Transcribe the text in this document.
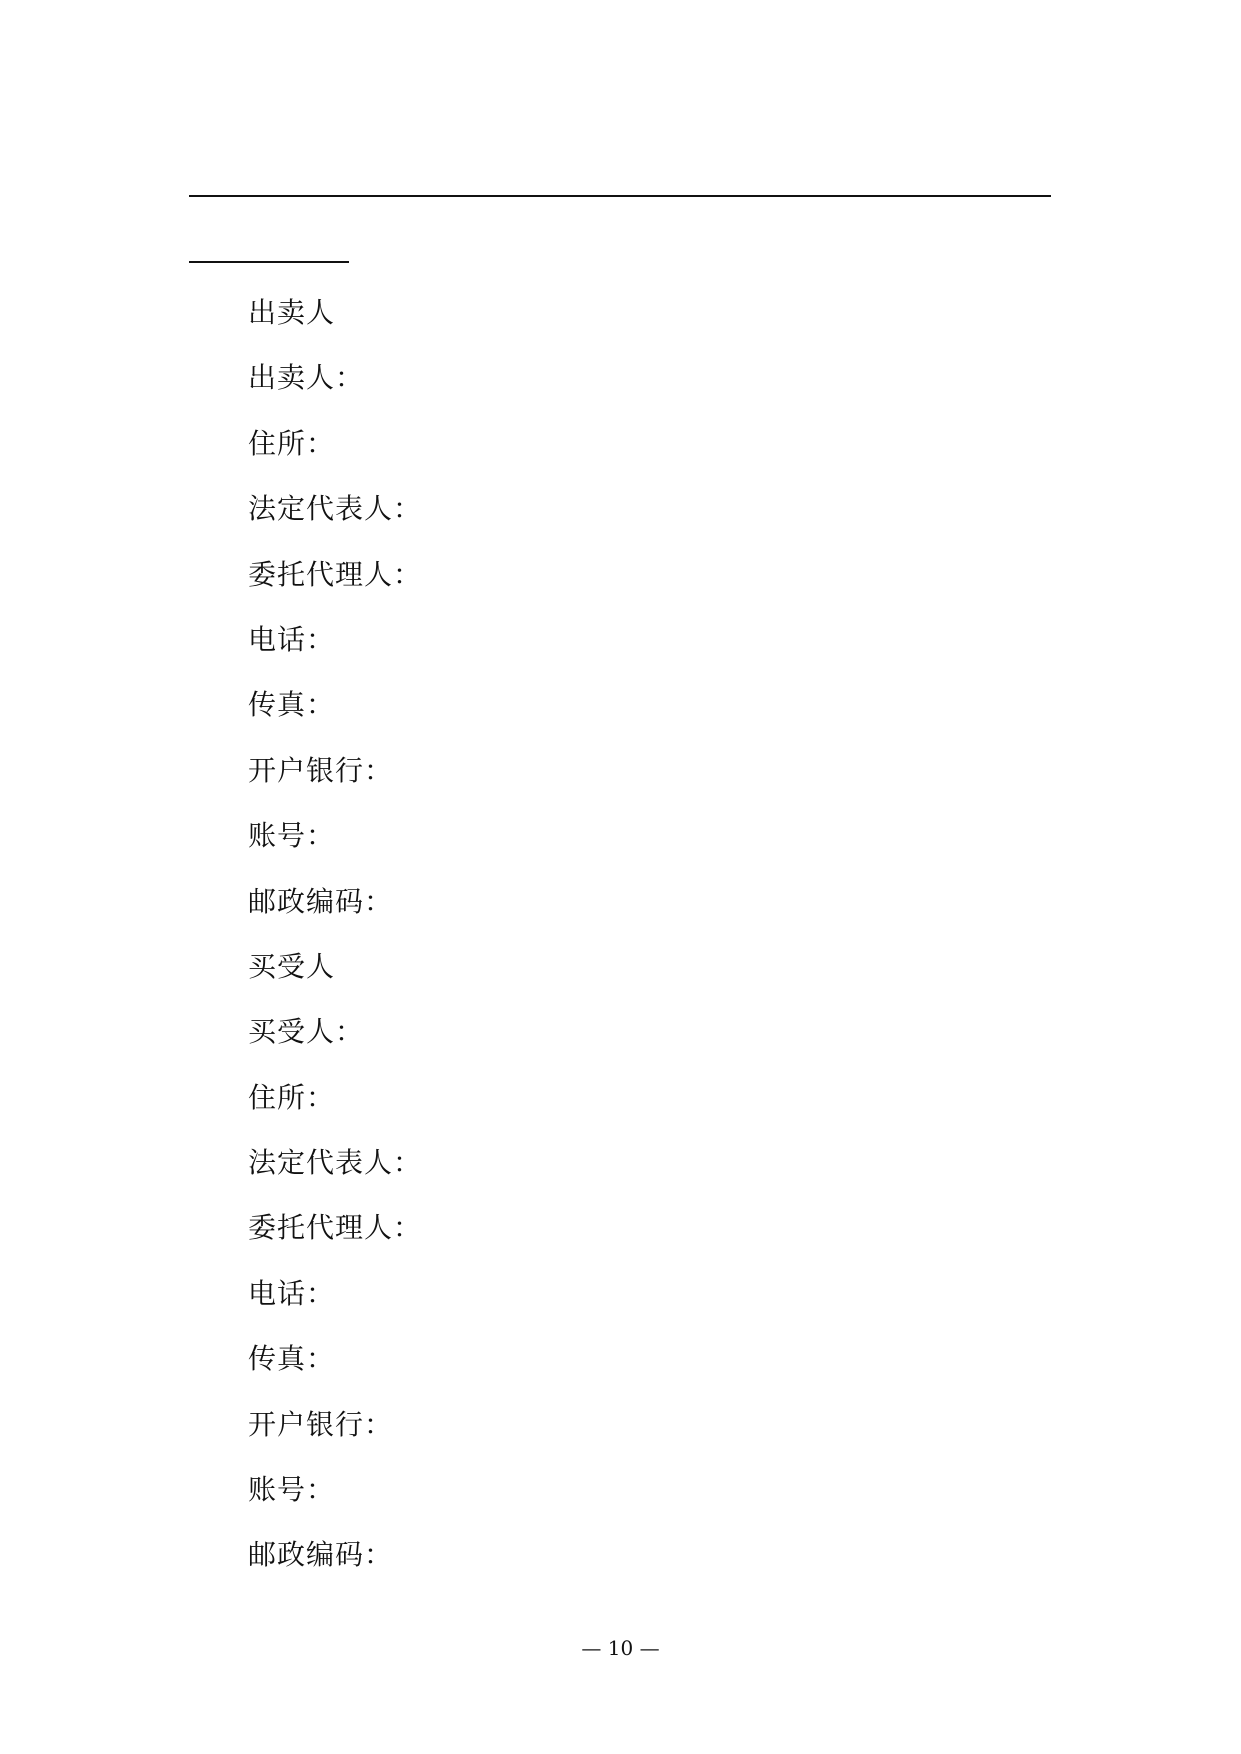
出卖人
出卖人：
住所：
法定代表人：
委托代理人：
电话：
传真：
开户银行：
账号：
邮政编码：
买受人
买受人：
住所：
法定代表人：
委托代理人：
电话：
传真：
开户银行：
账号：
邮政编码：
— 10 —
